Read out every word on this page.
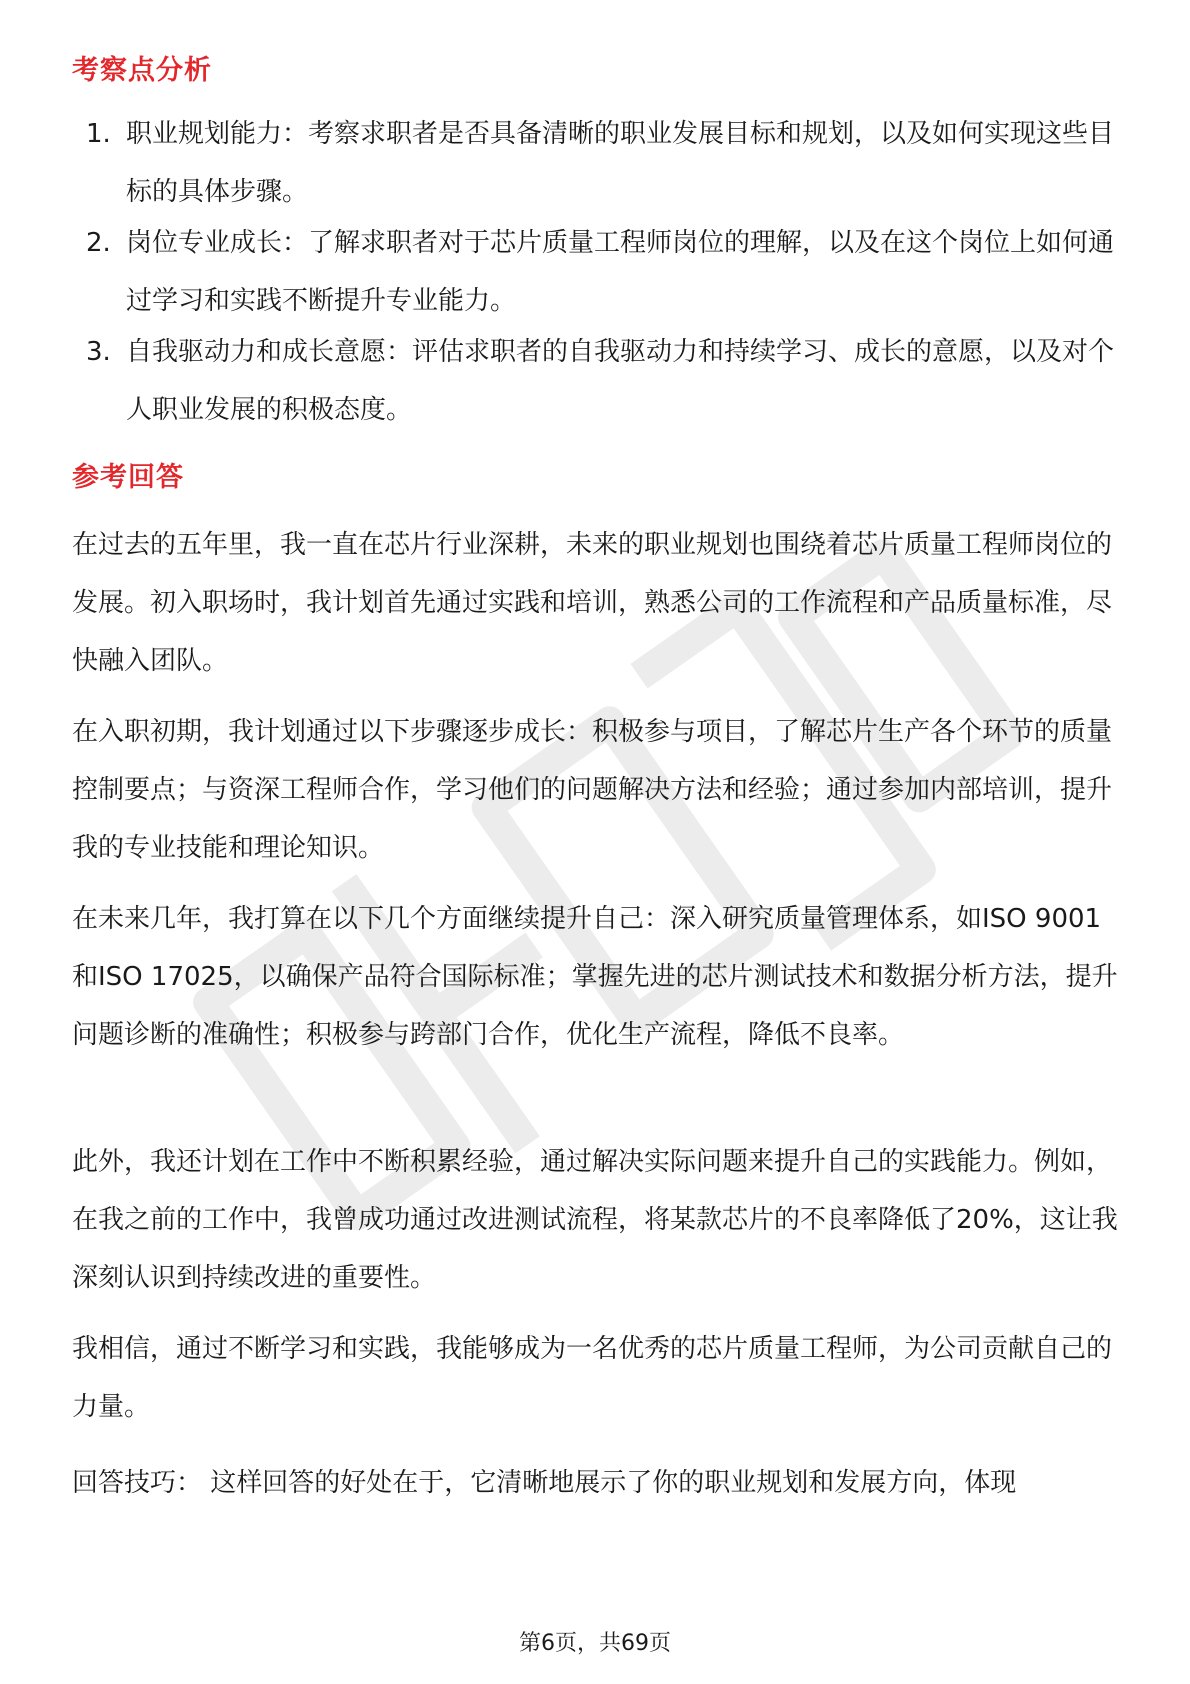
考察点分析
1. 职业规划能力：考察求职者是否具备清晰的职业发展目标和规划，以及如何实现这些目标的具体步骤。
2. 岗位专业成长：了解求职者对于芯片质量工程师岗位的理解，以及在这个岗位上如何通过学习和实践不断提升专业能力。
3. 自我驱动力和成长意愿：评估求职者的自我驱动力和持续学习、成长的意愿，以及对个人职业发展的积极态度。
参考回答
在过去的五年里，我一直在芯片行业深耕，未来的职业规划也围绕着芯片质量工程师岗位的发展。初入职场时，我计划首先通过实践和培训，熟悉公司的工作流程和产品质量标准，尽快融入团队。
在入职初期，我计划通过以下步骤逐步成长：积极参与项目，了解芯片生产各个环节的质量控制要点；与资深工程师合作，学习他们的问题解决方法和经验；通过参加内部培训，提升我的专业技能和理论知识。
在未来几年，我打算在以下几个方面继续提升自己：深入研究质量管理体系，如ISO 9001和ISO 17025，以确保产品符合国际标准；掌握先进的芯片测试技术和数据分析方法，提升问题诊断的准确性；积极参与跨部门合作，优化生产流程，降低不良率。
此外，我还计划在工作中不断积累经验，通过解决实际问题来提升自己的实践能力。例如，在我之前的工作中，我曾成功通过改进测试流程，将某款芯片的不良率降低了20%，这让我深刻认识到持续改进的重要性。
我相信，通过不断学习和实践，我能够成为一名优秀的芯片质量工程师，为公司贡献自己的力量。
回答技巧： 这样回答的好处在于，它清晰地展示了你的职业规划和发展方向，体现
第6页，共69页
